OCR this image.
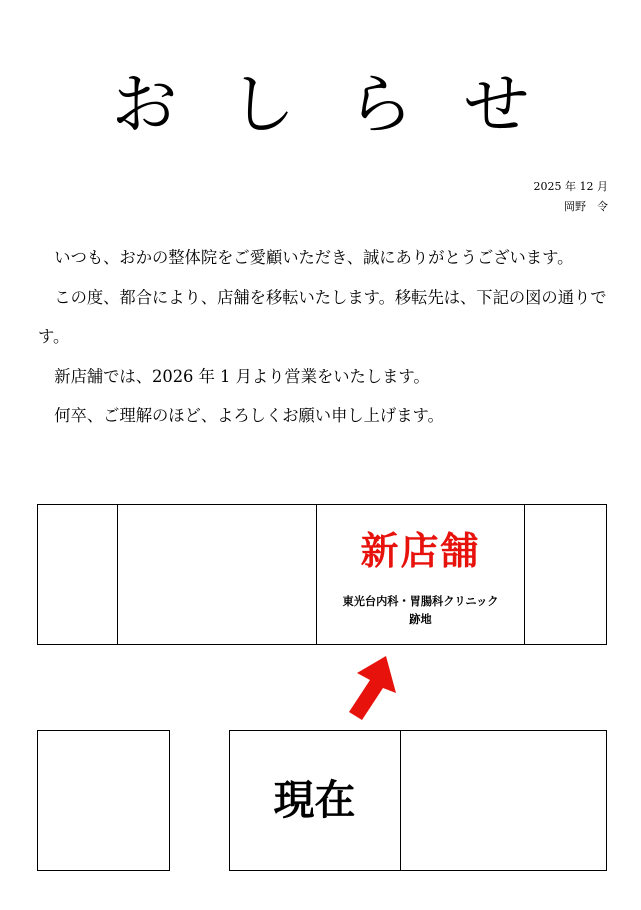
おしらせ
2025 年 12 月
岡野　令

いつも、おかの整体院をご愛顧いただき、誠にありがとうございます。

この度、都合により、店舗を移転いたします。移転先は、下記の図の通りです。

新店舗では、2026 年 1 月より営業をいたします。

何卒、ご理解のほど、よろしくお願い申し上げます。

新店舗
東光台内科・胃腸科クリニック
跡地
現在
